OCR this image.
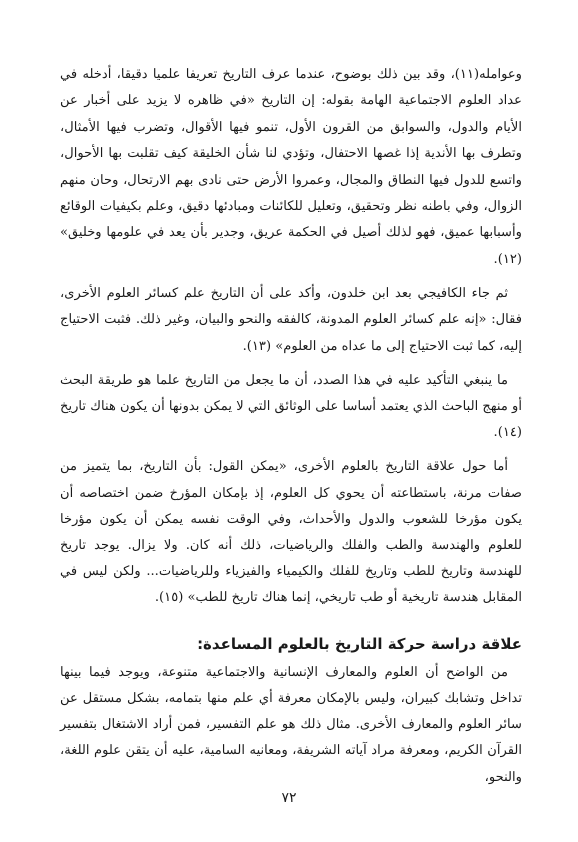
وعوامله(١١)، وقد بين ذلك بوضوح، عندما عرف التاريخ تعريفا علميا دقيقا، أدخله في عداد العلوم الاجتماعية الهامة بقوله: إن التاريخ «في ظاهره لا يزيد على أخبار عن الأيام والدول، والسوابق من القرون الأول، تنمو فيها الأقوال، وتضرب فيها الأمثال، وتطرف بها الأندية إذا غصها الاحتفال، وتؤدي لنا شأن الخليقة كيف تقلبت بها الأحوال، واتسع للدول فيها النطاق والمجال، وعمروا الأرض حتى نادى بهم الارتحال، وحان منهم الزوال، وفي باطنه نظر وتحقيق، وتعليل للكائنات ومبادئها دقيق، وعلم بكيفيات الوقائع وأسبابها عميق، فهو لذلك أصيل في الحكمة عريق، وجدير بأن يعد في علومها وخليق» (١٢).

ثم جاء الكافيجي بعد ابن خلدون، وأكد على أن التاريخ علم كسائر العلوم الأخرى، فقال: «إنه علم كسائر العلوم المدونة، كالفقه والنحو والبيان، وغير ذلك. فثبت الاحتياج إليه، كما ثبت الاحتياج إلى ما عداه من العلوم» (١٣).

ما ينبغي التأكيد عليه في هذا الصدد، أن ما يجعل من التاريخ علما هو طريقة البحث أو منهج الباحث الذي يعتمد أساسا على الوثائق التي لا يمكن بدونها أن يكون هناك تاريخ (١٤).

أما حول علاقة التاريخ بالعلوم الأخرى، «يمكن القول: بأن التاريخ، بما يتميز من صفات مرنة، باستطاعته أن يحوي كل العلوم، إذ بإمكان المؤرخ ضمن اختصاصه أن يكون مؤرخا للشعوب والدول والأحداث، وفي الوقت نفسه يمكن أن يكون مؤرخا للعلوم والهندسة والطب والفلك والرياضيات، ذلك أنه كان. ولا يزال. يوجد تاريخ للهندسة وتاريخ للطب وتاريخ للفلك والكيمياء والفيزياء وللرياضيات... ولكن ليس في المقابل هندسة تاريخية أو طب تاريخي، إنما هناك تاريخ للطب» (١٥).

علاقة دراسة حركة التاريخ بالعلوم المساعدة:

من الواضح أن العلوم والمعارف الإنسانية والاجتماعية متنوعة، ويوجد فيما بينها تداخل وتشابك كبيران، وليس بالإمكان معرفة أي علم منها بتمامه، بشكل مستقل عن سائر العلوم والمعارف الأخرى. مثال ذلك هو علم التفسير، فمن أراد الاشتغال بتفسير القرآن الكريم، ومعرفة مراد آياته الشريفة، ومعانيه السامية، عليه أن يتقن علوم اللغة، والنحو،

٧٢
